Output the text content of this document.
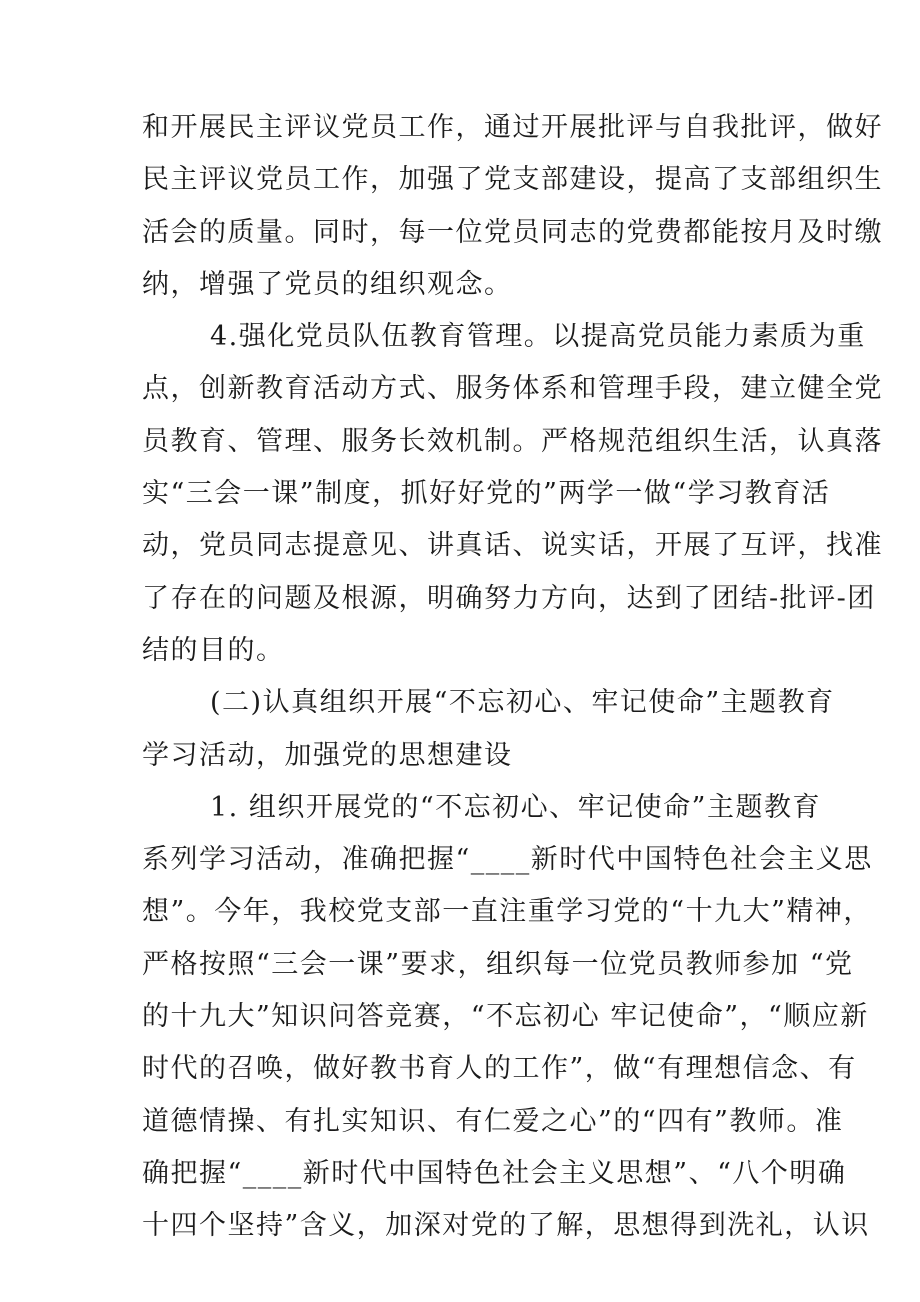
和开展民主评议党员工作，通过开展批评与自我批评，做好
民主评议党员工作，加强了党支部建设，提高了支部组织生
活会的质量。同时，每一位党员同志的党费都能按月及时缴
纳，增强了党员的组织观念。
4.强化党员队伍教育管理。以提高党员能力素质为重
点，创新教育活动方式、服务体系和管理手段，建立健全党
员教育、管理、服务长效机制。严格规范组织生活，认真落
实“三会一课”制度，抓好好党的”两学一做“学习教育活
动，党员同志提意见、讲真话、说实话，开展了互评，找准
了存在的问题及根源，明确努力方向，达到了团结-批评-团
结的目的。
(二)认真组织开展“不忘初心、牢记使命”主题教育
学习活动，加强党的思想建设
1. 组织开展党的“不忘初心、牢记使命”主题教育
系列学习活动，准确把握“____新时代中国特色社会主义思
想”。今年，我校党支部一直注重学习党的“十九大”精神，
严格按照“三会一课”要求，组织每一位党员教师参加 “党
的十九大”知识问答竞赛，“不忘初心 牢记使命”，“顺应新
时代的召唤，做好教书育人的工作”，做“有理想信念、有
道德情操、有扎实知识、有仁爱之心”的“四有”教师。准
确把握“____新时代中国特色社会主义思想”、“八个明确
十四个坚持”含义，加深对党的了解，思想得到洗礼，认识
